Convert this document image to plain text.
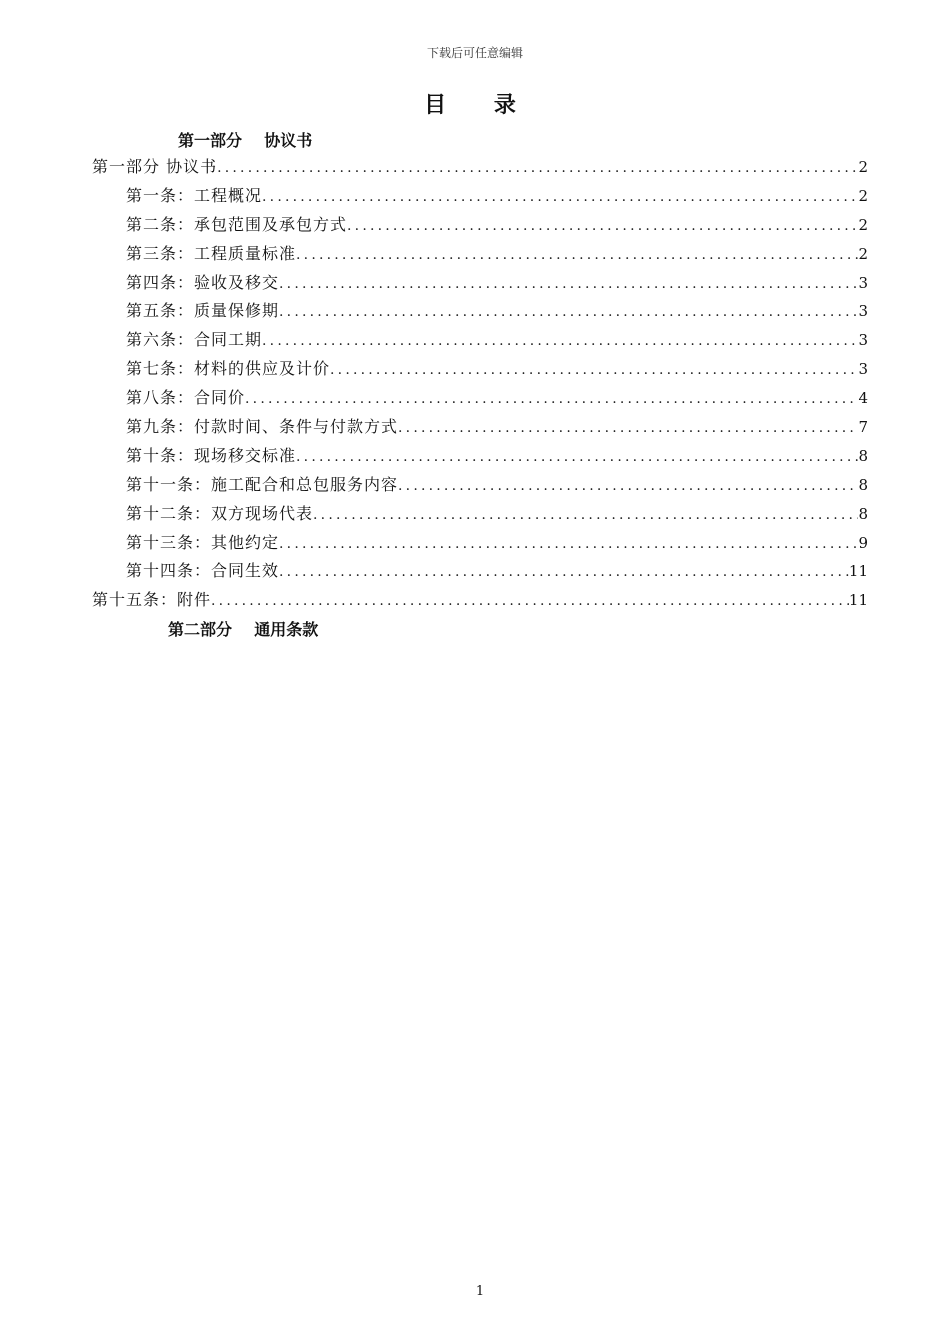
下载后可任意编辑
目 录
第一部分    协议书
第一部分 协议书 .....	2
第一条：工程概况 .....	2
第二条：承包范围及承包方式 .....	2
第三条：工程质量标准 .....	2
第四条：验收及移交 .....	3
第五条：质量保修期 .....	3
第六条：合同工期 .....	3
第七条：材料的供应及计价 .....	3
第八条：合同价 .....	4
第九条：付款时间、条件与付款方式 .....	7
第十条：现场移交标准 .....	8
第十一条：施工配合和总包服务内容 .....	8
第十二条：双方现场代表 .....	8
第十三条：其他约定 .....	9
第十四条：合同生效 .....	11
第十五条：附件 .....	11
第二部分    通用条款
1
